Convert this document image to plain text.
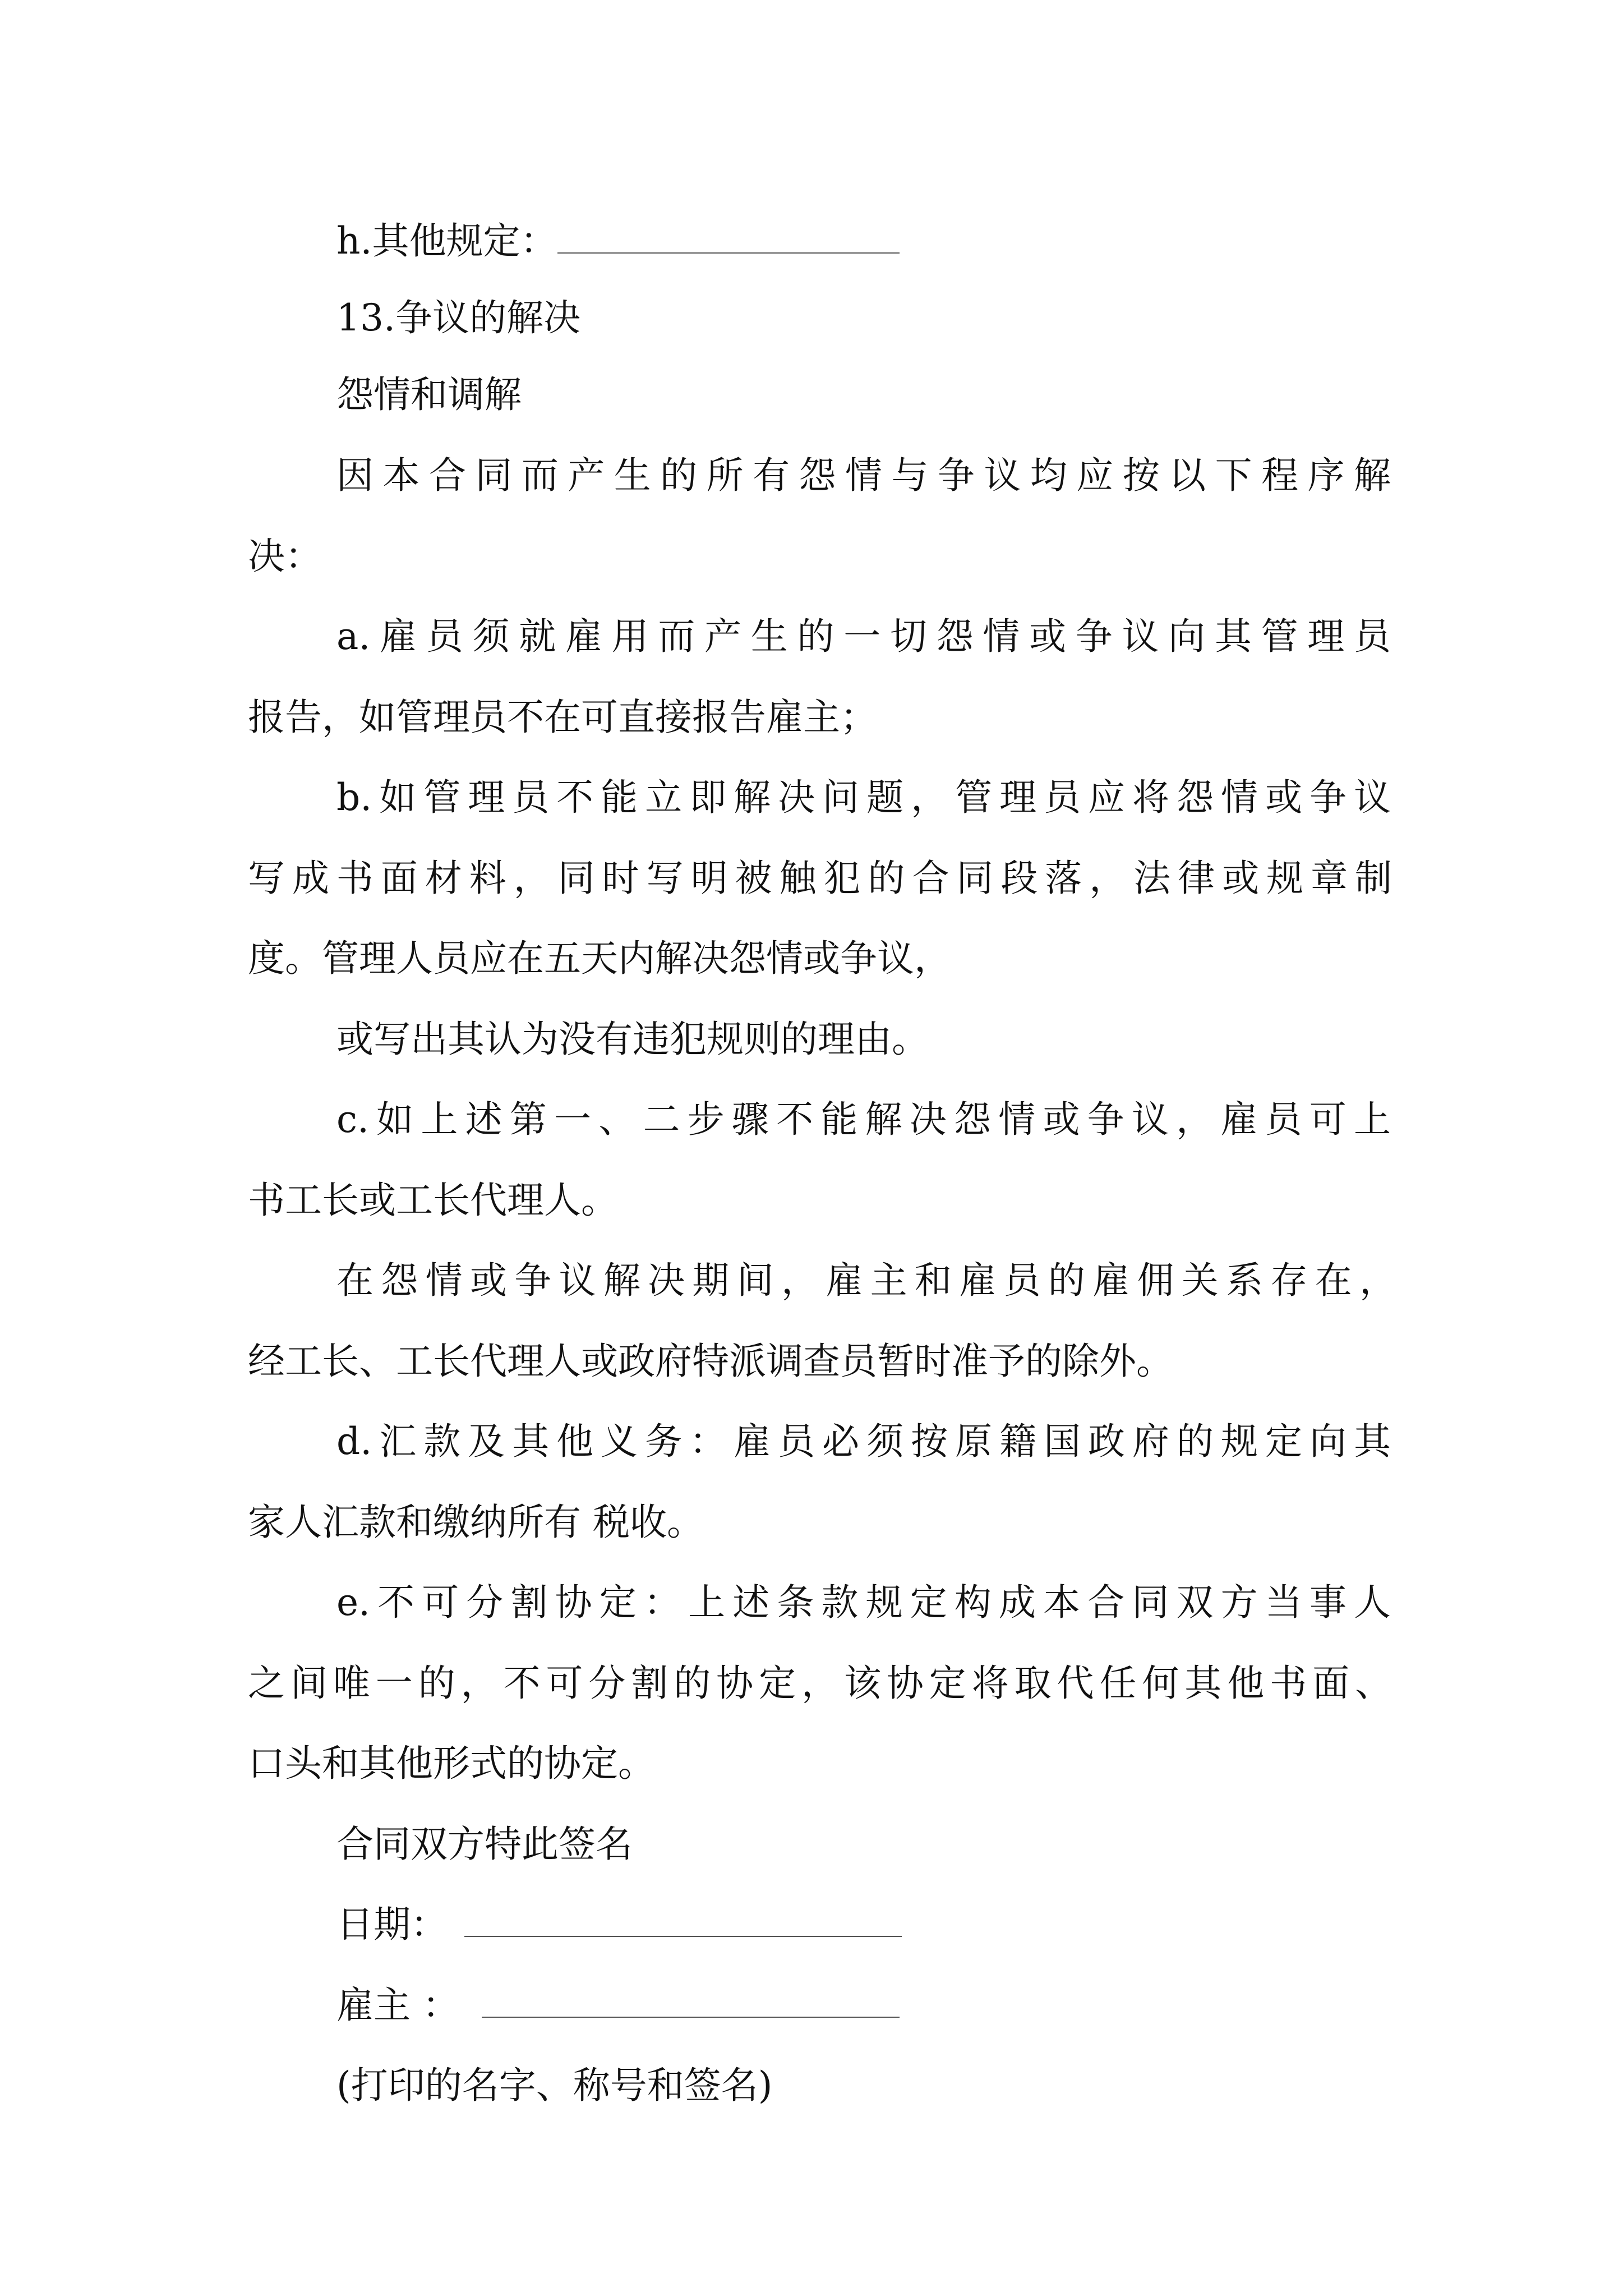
h.其他规定：
13.争议的解决
怨情和调解
因本合同而产生的所有怨情与争议均应按以下程序解
决：
a.雇员须就雇用而产生的一切怨情或争议向其管理员
报告，如管理员不在可直接报告雇主；
b.如管理员不能立即解决问题，管理员应将怨情或争议
写成书面材料，同时写明被触犯的合同段落，法律或规章制
度。管理人员应在五天内解决怨情或争议，
或写出其认为没有违犯规则的理由。
c.如上述第一、二步骤不能解决怨情或争议，雇员可上
书工长或工长代理人。
在怨情或争议解决期间，雇主和雇员的雇佣关系存在，
经工长、工长代理人或政府特派调查员暂时准予的除外。
d.汇款及其他义务：雇员必须按原籍国政府的规定向其
家人汇款和缴纳所有 税收。
e.不可分割协定：上述条款规定构成本合同双方当事人
之间唯一的，不可分割的协定，该协定将取代任何其他书面、
口头和其他形式的协定。
合同双方特此签名
日期：
雇主 ：
(打印的名字、称号和签名)
